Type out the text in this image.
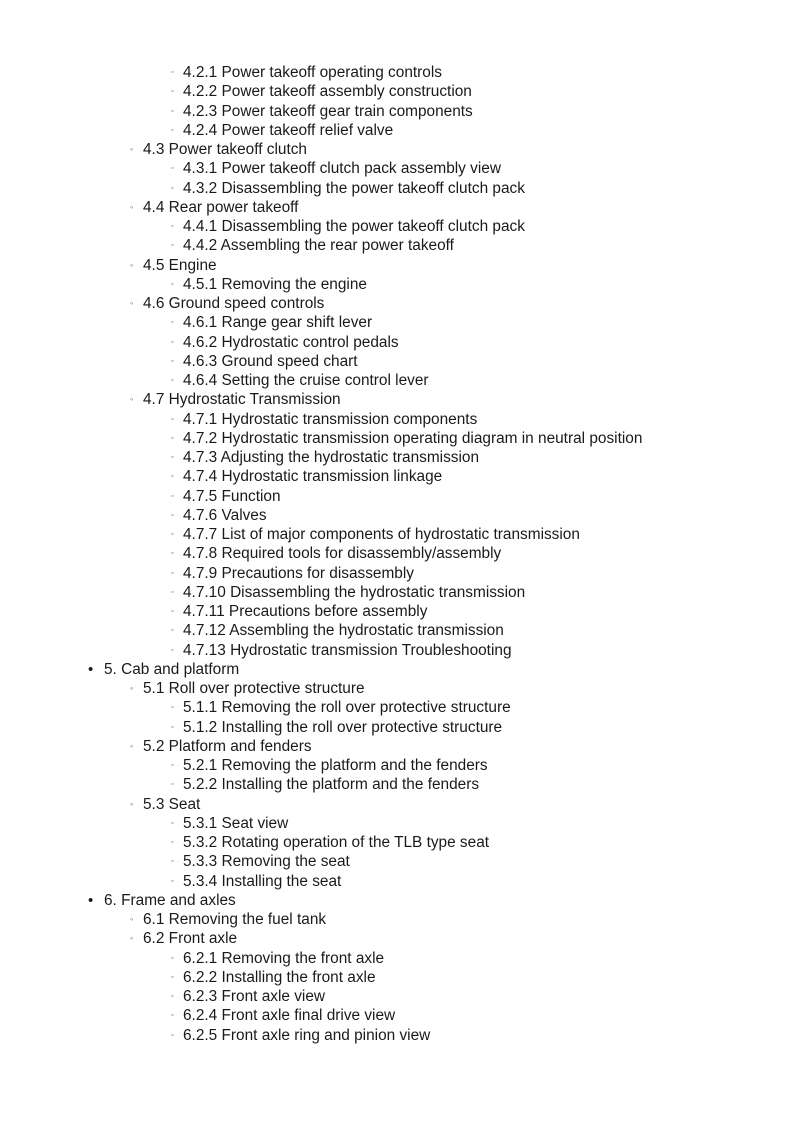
▫ 4.2.1 Power takeoff operating controls
▫ 4.2.2 Power takeoff assembly construction
▫ 4.2.3 Power takeoff gear train components
▫ 4.2.4 Power takeoff relief valve
◦ 4.3 Power takeoff clutch
▫ 4.3.1 Power takeoff clutch pack assembly view
▫ 4.3.2 Disassembling the power takeoff clutch pack
◦ 4.4 Rear power takeoff
▫ 4.4.1 Disassembling the power takeoff clutch pack
▫ 4.4.2 Assembling the rear power takeoff
◦ 4.5 Engine
▫ 4.5.1 Removing the engine
◦ 4.6 Ground speed controls
▫ 4.6.1 Range gear shift lever
▫ 4.6.2 Hydrostatic control pedals
▫ 4.6.3 Ground speed chart
▫ 4.6.4 Setting the cruise control lever
◦ 4.7 Hydrostatic Transmission
▫ 4.7.1 Hydrostatic transmission components
▫ 4.7.2 Hydrostatic transmission operating diagram in neutral position
▫ 4.7.3 Adjusting the hydrostatic transmission
▫ 4.7.4 Hydrostatic transmission linkage
▫ 4.7.5 Function
▫ 4.7.6 Valves
▫ 4.7.7 List of major components of hydrostatic transmission
▫ 4.7.8 Required tools for disassembly/assembly
▫ 4.7.9 Precautions for disassembly
▫ 4.7.10 Disassembling the hydrostatic transmission
▫ 4.7.11 Precautions before assembly
▫ 4.7.12 Assembling the hydrostatic transmission
▫ 4.7.13 Hydrostatic transmission Troubleshooting
• 5. Cab and platform
◦ 5.1 Roll over protective structure
▫ 5.1.1 Removing the roll over protective structure
▫ 5.1.2 Installing the roll over protective structure
◦ 5.2 Platform and fenders
▫ 5.2.1 Removing the platform and the fenders
▫ 5.2.2 Installing the platform and the fenders
◦ 5.3 Seat
▫ 5.3.1 Seat view
▫ 5.3.2 Rotating operation of the TLB type seat
▫ 5.3.3 Removing the seat
▫ 5.3.4 Installing the seat
• 6. Frame and axles
◦ 6.1 Removing the fuel tank
◦ 6.2 Front axle
▫ 6.2.1 Removing the front axle
▫ 6.2.2 Installing the front axle
▫ 6.2.3 Front axle view
▫ 6.2.4 Front axle final drive view
▫ 6.2.5 Front axle ring and pinion view
